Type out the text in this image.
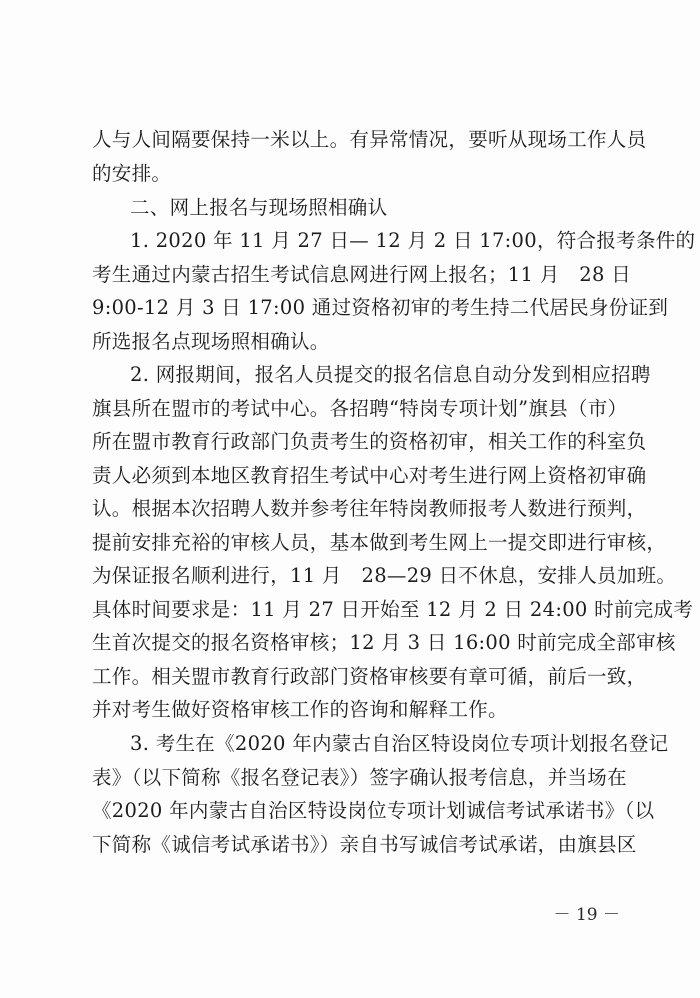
人与人间隔要保持一米以上。有异常情况，要听从现场工作人员
的安排。
二、网上报名与现场照相确认
1. 2020 年 11 月 27 日— 12 月 2 日 17:00，符合报考条件的
考生通过内蒙古招生考试信息网进行网上报名；11 月　28 日
9:00-12 月 3 日 17:00 通过资格初审的考生持二代居民身份证到
所选报名点现场照相确认。
2. 网报期间，报名人员提交的报名信息自动分发到相应招聘
旗县所在盟市的考试中心。各招聘“特岗专项计划”旗县（市）
所在盟市教育行政部门负责考生的资格初审，相关工作的科室负
责人必须到本地区教育招生考试中心对考生进行网上资格初审确
认。根据本次招聘人数并参考往年特岗教师报考人数进行预判，
提前安排充裕的审核人员，基本做到考生网上一提交即进行审核，
为保证报名顺利进行，11 月　28—29 日不休息，安排人员加班。
具体时间要求是：11 月 27 日开始至 12 月 2 日 24:00 时前完成考
生首次提交的报名资格审核；12 月 3 日 16:00 时前完成全部审核
工作。相关盟市教育行政部门资格审核要有章可循，前后一致，
并对考生做好资格审核工作的咨询和解释工作。
3. 考生在《2020 年内蒙古自治区特设岗位专项计划报名登记
表》（以下简称《报名登记表》）签字确认报考信息，并当场在
《2020 年内蒙古自治区特设岗位专项计划诚信考试承诺书》（以
下简称《诚信考试承诺书》）亲自书写诚信考试承诺，由旗县区
－ 19 －
